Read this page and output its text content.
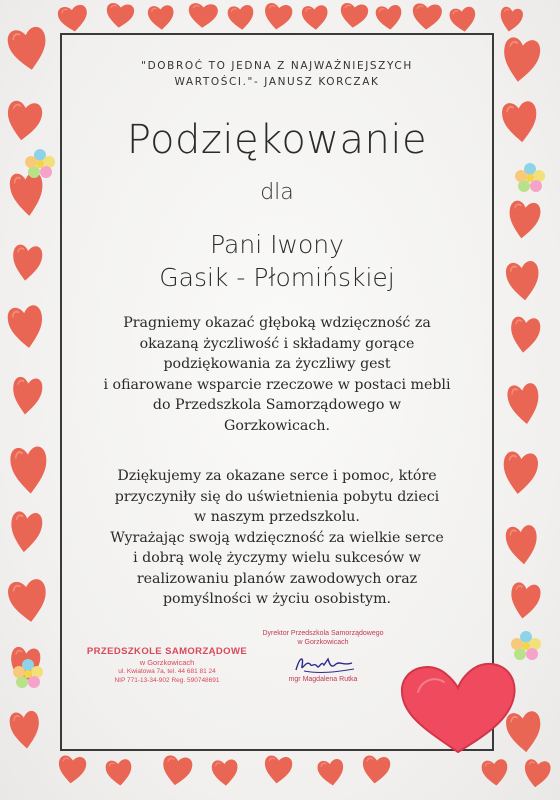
"DOBROĆ TO JEDNA Z NAJWAŻNIEJSZYCH
WARTOŚCI."- JANUSZ KORCZAK
Podziękowanie
dla
Pani Iwony
Gasik - Płomińskiej
Pragniemy okazać głęboką wdzięczność za
okazaną życzliwość i składamy gorące
podziękowania za życzliwy gest
i ofiarowane wsparcie rzeczowe w postaci mebli
do Przedszkola Samorządowego w
Gorzkowicach.
Dziękujemy za okazane serce i pomoc, które
przyczyniły się do uświetnienia pobytu dzieci
w naszym przedszkolu.
Wyrażając swoją wdzięczność za wielkie serce
i dobrą wolę życzymy wielu sukcesów w
realizowaniu planów zawodowych oraz
pomyślności w życiu osobistym.
PRZEDSZKOLE SAMORZĄDOWE
w Gorzkowicach
ul. Kwiatowa 7a, tel. 44 681 81 24
NIP 771-13-34-902 Reg. 590748691
Dyrektor Przedszkola Samorządowego
w Gorzkowicach
mgr Magdalena Rutka
